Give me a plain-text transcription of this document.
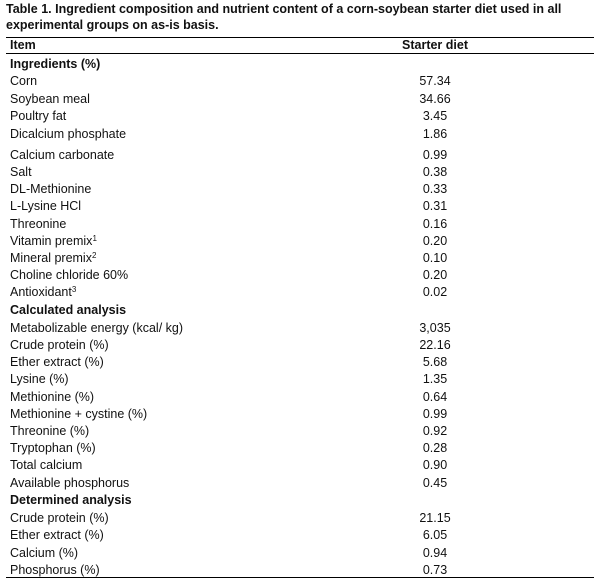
Table 1. Ingredient composition and nutrient content of a corn-soybean starter diet used in all experimental groups on as-is basis.
Item	Starter diet
Ingredients (%)
Corn	57.34
Soybean meal	34.66
Poultry fat	3.45
Dicalcium phosphate	1.86
Calcium carbonate	0.99
Salt	0.38
DL-Methionine	0.33
L-Lysine HCl	0.31
Threonine	0.16
Vitamin premix$^1$	0.20
Mineral premix$^2$	0.10
Choline chloride 60%	0.20
Antioxidant$^3$	0.02
Calculated analysis
Metabolizable energy (kcal/ kg)	3,035
Crude protein (%)	22.16
Ether extract (%)	5.68
Lysine (%)	1.35
Methionine (%)	0.64
Methionine + cystine (%)	0.99
Threonine (%)	0.92
Tryptophan (%)	0.28
Total calcium	0.90
Available phosphorus	0.45
Determined analysis
Crude protein (%)	21.15
Ether extract (%)	6.05
Calcium (%)	0.94
Phosphorus (%)	0.73
